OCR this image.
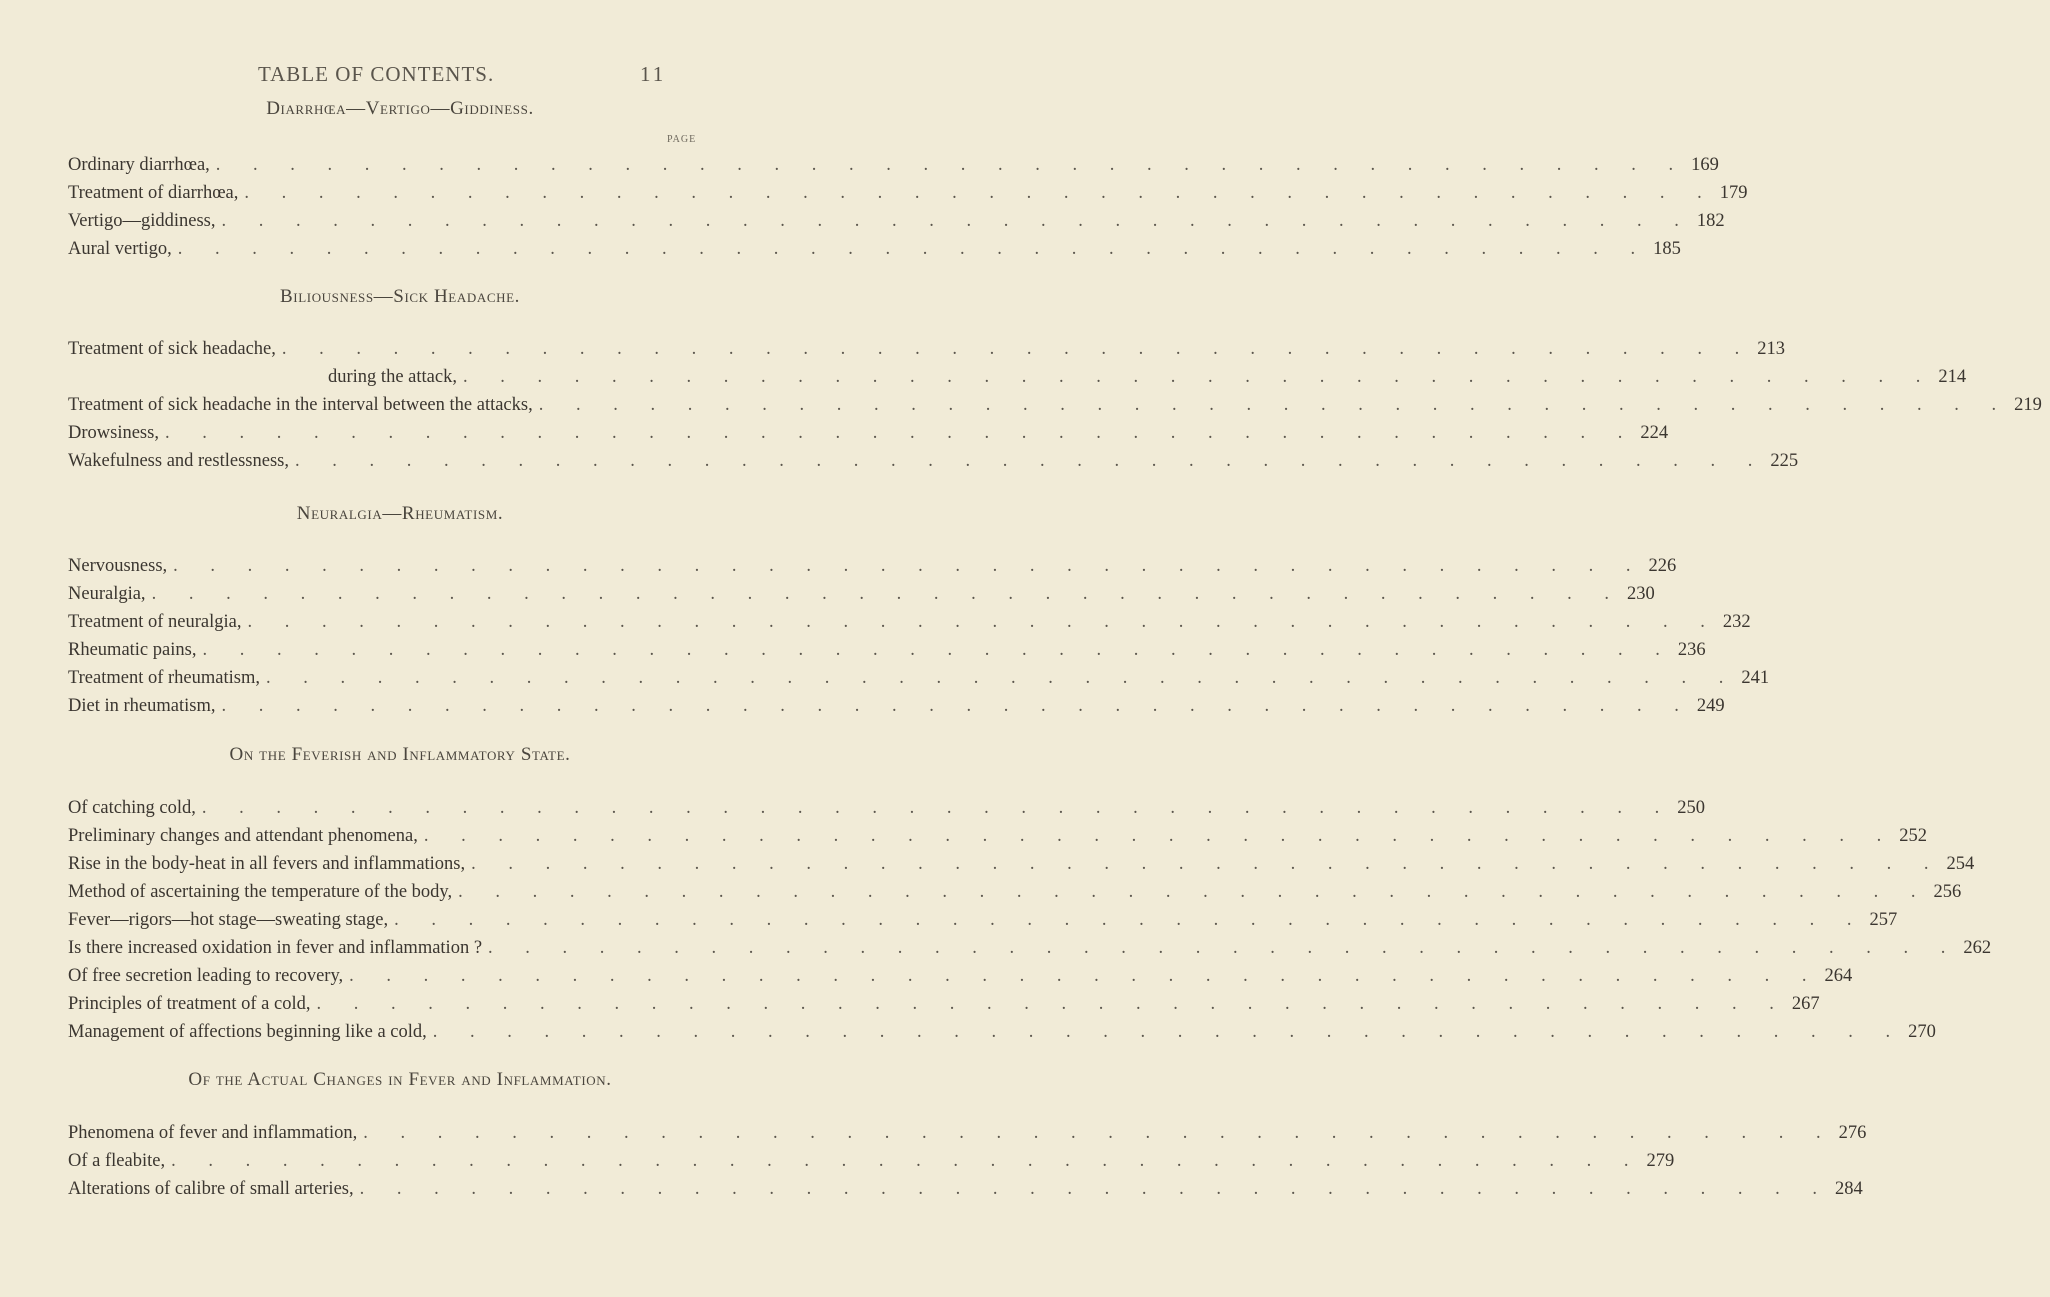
TABLE OF CONTENTS.	11
Diarrhœa—Vertigo—Giddiness.
PAGE
Ordinary diarrhœa, . . . . . . . . . . . . . . . . . . . . . . . . . . . . . . . . . . . . . . . . 169
Treatment of diarrhœa, . . . . . . . . . . . . . . . . . . . . . . . . . . . . . . . . . . . . . . . . 179
Vertigo—giddiness, . . . . . . . . . . . . . . . . . . . . . . . . . . . . . . . . . . . . . . . . 182
Aural vertigo, . . . . . . . . . . . . . . . . . . . . . . . . . . . . . . . . . . . . . . . . 185
Biliousness—Sick Headache.
Treatment of sick headache, . . . . . . . . . . . . . . . . . . . . . . . . . . . . . . . . . . . . . . . . 213
during the attack, . . . . . . . . . . . . . . . . . . . . . . . . . . . . . . . . . . . . . . . . 214
Treatment of sick headache in the interval between the attacks, . . . . . . . . . . . . . . . . . . . . . . . . . . . . . . . . . . . . . . . . 219
Drowsiness, . . . . . . . . . . . . . . . . . . . . . . . . . . . . . . . . . . . . . . . . 224
Wakefulness and restlessness, . . . . . . . . . . . . . . . . . . . . . . . . . . . . . . . . . . . . . . . . 225
Neuralgia—Rheumatism.
Nervousness, . . . . . . . . . . . . . . . . . . . . . . . . . . . . . . . . . . . . . . . . 226
Neuralgia, . . . . . . . . . . . . . . . . . . . . . . . . . . . . . . . . . . . . . . . . 230
Treatment of neuralgia, . . . . . . . . . . . . . . . . . . . . . . . . . . . . . . . . . . . . . . . . 232
Rheumatic pains, . . . . . . . . . . . . . . . . . . . . . . . . . . . . . . . . . . . . . . . . 236
Treatment of rheumatism, . . . . . . . . . . . . . . . . . . . . . . . . . . . . . . . . . . . . . . . . 241
Diet in rheumatism, . . . . . . . . . . . . . . . . . . . . . . . . . . . . . . . . . . . . . . . . 249
On the Feverish and Inflammatory State.
Of catching cold, . . . . . . . . . . . . . . . . . . . . . . . . . . . . . . . . . . . . . . . . 250
Preliminary changes and attendant phenomena, . . . . . . . . . . . . . . . . . . . . . . . . . . . . . . . . . . . . . . . . 252
Rise in the body-heat in all fevers and inflammations, . . . . . . . . . . . . . . . . . . . . . . . . . . . . . . . . . . . . . . . . 254
Method of ascertaining the temperature of the body, . . . . . . . . . . . . . . . . . . . . . . . . . . . . . . . . . . . . . . . . 256
Fever—rigors—hot stage—sweating stage, . . . . . . . . . . . . . . . . . . . . . . . . . . . . . . . . . . . . . . . . 257
Is there increased oxidation in fever and inflammation ? . . . . . . . . . . . . . . . . . . . . . . . . . . . . . . . . . . . . . . . . 262
Of free secretion leading to recovery, . . . . . . . . . . . . . . . . . . . . . . . . . . . . . . . . . . . . . . . . 264
Principles of treatment of a cold, . . . . . . . . . . . . . . . . . . . . . . . . . . . . . . . . . . . . . . . . 267
Management of affections beginning like a cold, . . . . . . . . . . . . . . . . . . . . . . . . . . . . . . . . . . . . . . . . 270
Of the Actual Changes in Fever and Inflammation.
Phenomena of fever and inflammation, . . . . . . . . . . . . . . . . . . . . . . . . . . . . . . . . . . . . . . . . 276
Of a fleabite, . . . . . . . . . . . . . . . . . . . . . . . . . . . . . . . . . . . . . . . . 279
Alterations of calibre of small arteries, . . . . . . . . . . . . . . . . . . . . . . . . . . . . . . . . . . . . . . . . 284
